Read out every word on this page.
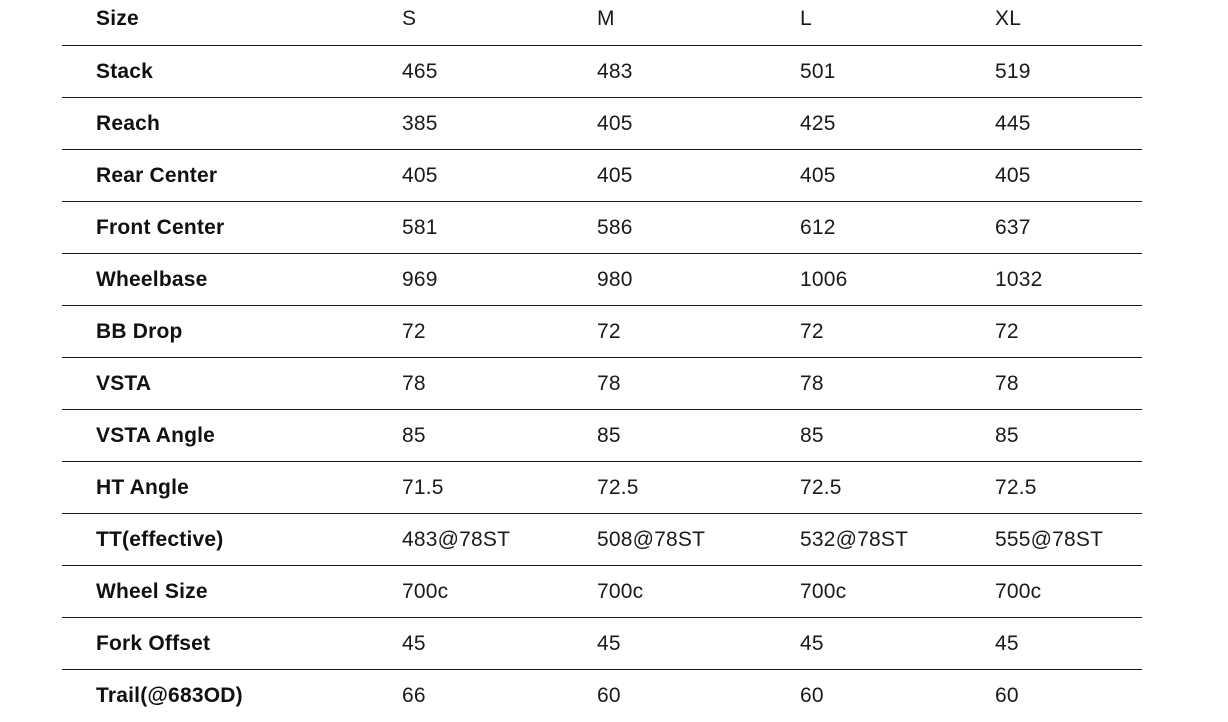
Size	S	M	L	XL
Stack	465	483	501	519
Reach	385	405	425	445
Rear Center	405	405	405	405
Front Center	581	586	612	637
Wheelbase	969	980	1006	1032
BB Drop	72	72	72	72
VSTA	78	78	78	78
VSTA Angle	85	85	85	85
HT Angle	71.5	72.5	72.5	72.5
TT(effective)	483@78ST	508@78ST	532@78ST	555@78ST
Wheel Size	700c	700c	700c	700c
Fork Offset	45	45	45	45
Trail(@683OD)	66	60	60	60
